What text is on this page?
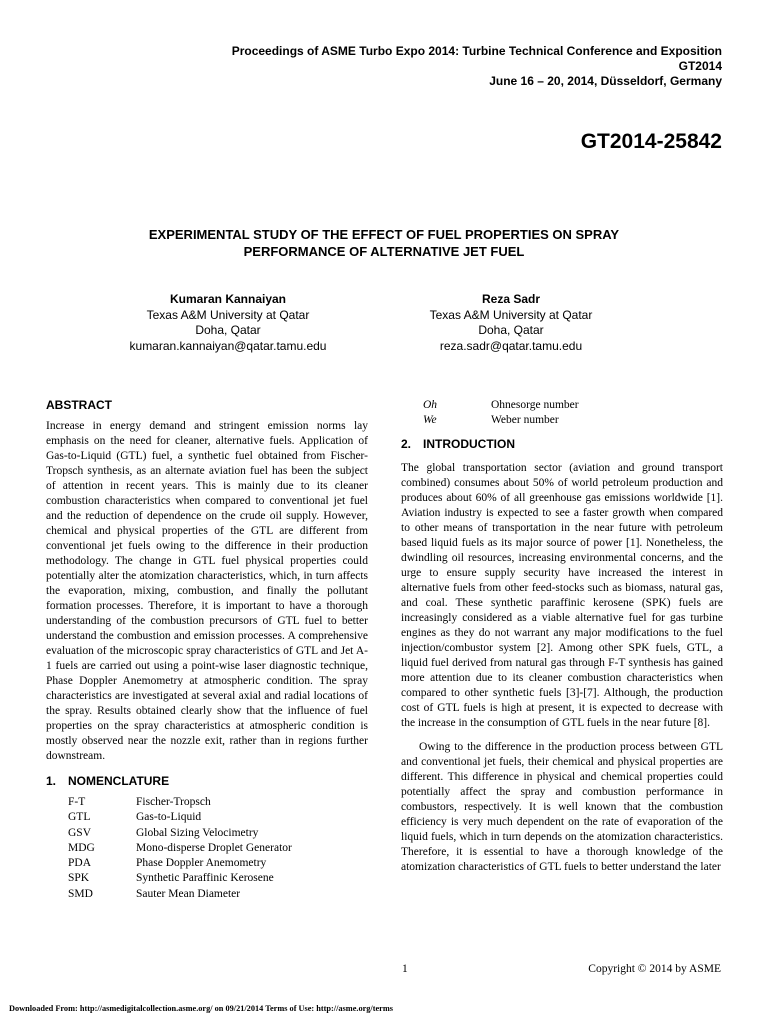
Proceedings of ASME Turbo Expo 2014: Turbine Technical Conference and Exposition
GT2014
June 16 – 20, 2014, Düsseldorf, Germany
GT2014-25842
EXPERIMENTAL STUDY OF THE EFFECT OF FUEL PROPERTIES ON SPRAY
PERFORMANCE OF ALTERNATIVE JET FUEL
Kumaran Kannaiyan
Texas A&M University at Qatar
Doha, Qatar
kumaran.kannaiyan@qatar.tamu.edu
Reza Sadr
Texas A&M University at Qatar
Doha, Qatar
reza.sadr@qatar.tamu.edu
ABSTRACT

Increase in energy demand and stringent emission norms lay emphasis on the need for cleaner, alternative fuels. Application of Gas-to-Liquid (GTL) fuel, a synthetic fuel obtained from Fischer-Tropsch synthesis, as an alternate aviation fuel has been the subject of attention in recent years. This is mainly due to its cleaner combustion characteristics when compared to conventional jet fuel and the reduction of dependence on the crude oil supply. However, chemical and physical properties of the GTL are different from conventional jet fuels owing to the difference in their production methodology. The change in GTL fuel physical properties could potentially alter the atomization characteristics, which, in turn affects the evaporation, mixing, combustion, and finally the pollutant formation processes. Therefore, it is important to have a thorough understanding of the combustion precursors of GTL fuel to better understand the combustion and emission processes. A comprehensive evaluation of the microscopic spray characteristics of GTL and Jet A-1 fuels are carried out using a point-wise laser diagnostic technique, Phase Doppler Anemometry at atmospheric condition. The spray characteristics are investigated at several axial and radial locations of the spray. Results obtained clearly show that the influence of fuel properties on the spray characteristics at atmospheric condition is mostly observed near the nozzle exit, rather than in regions further downstream.

1. NOMENCLATURE
F-T	Fischer-Tropsch
GTL	Gas-to-Liquid
GSV	Global Sizing Velocimetry
MDG	Mono-disperse Droplet Generator
PDA	Phase Doppler Anemometry
SPK	Synthetic Paraffinic Kerosene
SMD	Sauter Mean Diameter
Oh	Ohnesorge number
We	Weber number
2. INTRODUCTION

The global transportation sector (aviation and ground transport combined) consumes about 50% of world petroleum production and produces about 60% of all greenhouse gas emissions worldwide [1]. Aviation industry is expected to see a faster growth when compared to other means of transportation in the near future with petroleum based liquid fuels as its major source of power [1]. Nonetheless, the dwindling oil resources, increasing environmental concerns, and the urge to ensure supply security have increased the interest in alternative fuels from other feed-stocks such as biomass, natural gas, and coal. These synthetic paraffinic kerosene (SPK) fuels are increasingly considered as a viable alternative fuel for gas turbine engines as they do not warrant any major modifications to the fuel injection/combustor system [2]. Among other SPK fuels, GTL, a liquid fuel derived from natural gas through F-T synthesis has gained more attention due to its cleaner combustion characteristics when compared to other synthetic fuels [3]-[7]. Although, the production cost of GTL fuels is high at present, it is expected to decrease with the increase in the consumption of GTL fuels in the near future [8].

Owing to the difference in the production process between GTL and conventional jet fuels, their chemical and physical properties are different. This difference in physical and chemical properties could potentially affect the spray and combustion performance in combustors, respectively. It is well known that the combustion efficiency is very much dependent on the rate of evaporation of the liquid fuels, which in turn depends on the atomization characteristics. Therefore, it is essential to have a thorough knowledge of the atomization characteristics of GTL fuels to better understand the later

1	Copyright © 2014 by ASME
Downloaded From: http://asmedigitalcollection.asme.org/ on 09/21/2014 Terms of Use: http://asme.org/terms
